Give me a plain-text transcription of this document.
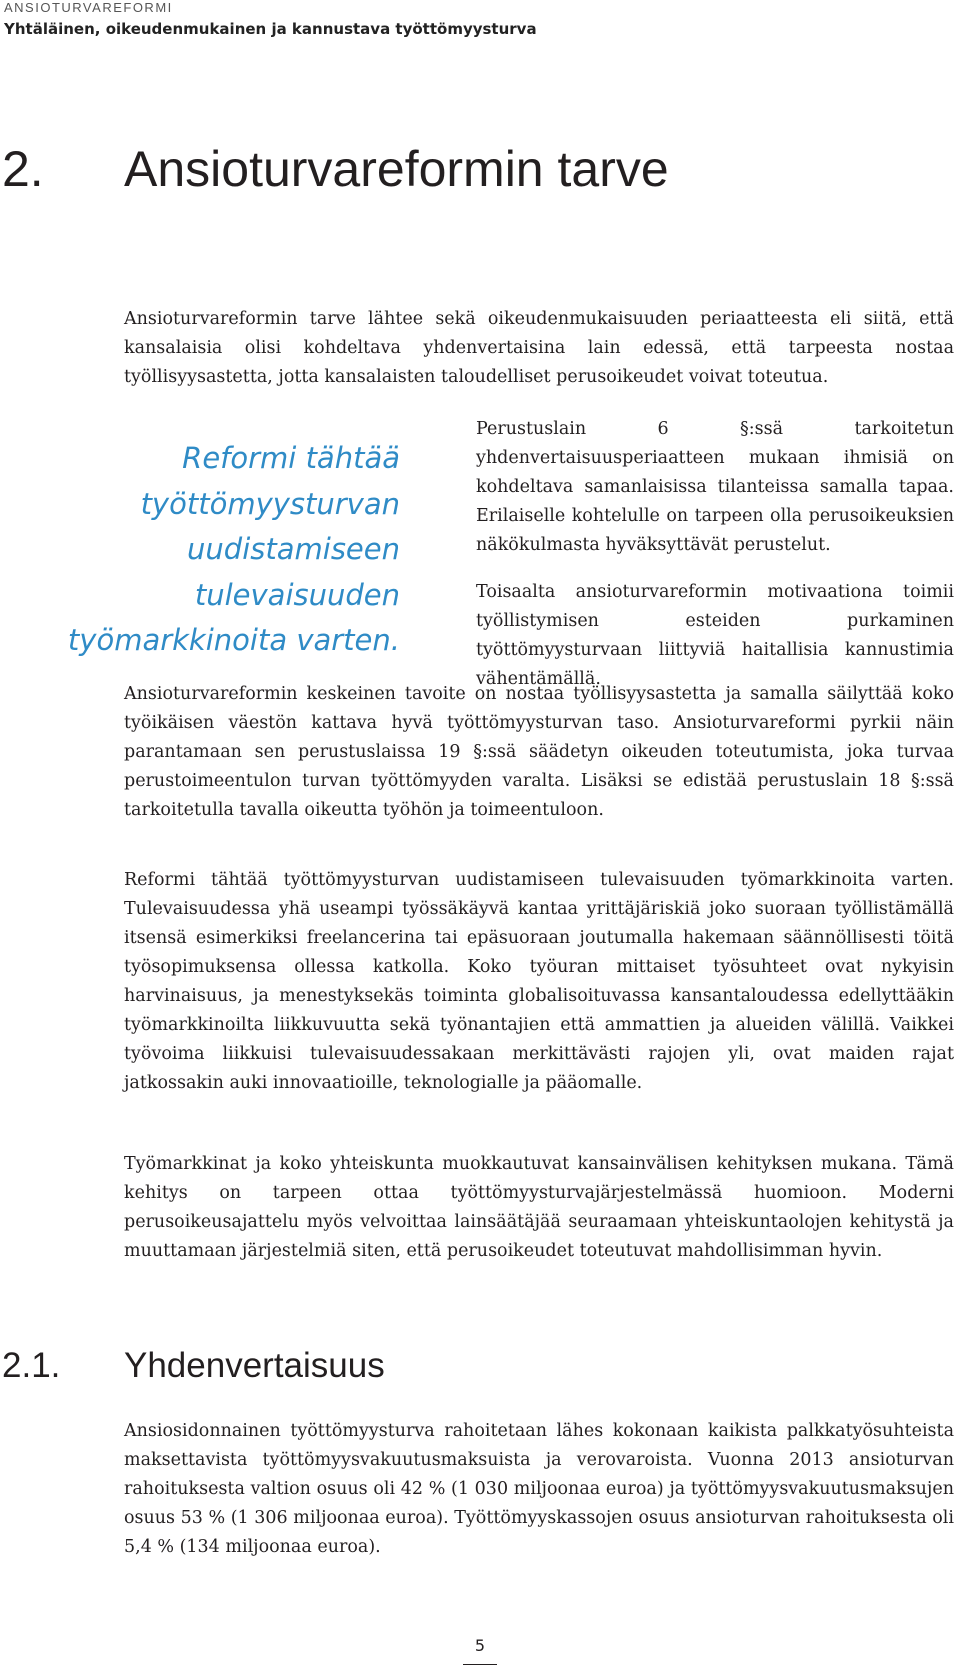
ANSIOTURVAREFORMI
Yhtäläinen, oikeudenmukainen ja kannustava työttömyysturva
2. Ansioturvareformin tarve

Ansioturvareformin tarve lähtee sekä oikeudenmukaisuuden periaatteesta eli siitä, että kansalaisia olisi kohdeltava yhdenvertaisina lain edessä, että tarpeesta nostaa työllisyysastetta, jotta kansalaisten taloudelliset perusoikeudet voivat toteutua.

Reformi tähtää työttömyysturvan uudistamiseen tulevaisuuden työmarkkinoita varten.

Perustuslain 6 §:ssä tarkoitetun yhdenvertaisuusperiaatteen mukaan ihmisiä on kohdeltava samanlaisissa tilanteissa samalla tapaa. Erilaiselle kohtelulle on tarpeen olla perusoikeuksien näkökulmasta hyväksyttävät perustelut.

Toisaalta ansioturvareformin motivaationa toimii työllistymisen esteiden purkaminen työttömyysturvaan liittyviä haitallisia kannustimia vähentämällä.

Ansioturvareformin keskeinen tavoite on nostaa työllisyysastetta ja samalla säilyttää koko työikäisen väestön kattava hyvä työttömyysturvan taso. Ansioturvareformi pyrkii näin parantamaan sen perustuslaissa 19 §:ssä säädetyn oikeuden toteutumista, joka turvaa perustoimeentulon turvan työttömyyden varalta. Lisäksi se edistää perustuslain 18 §:ssä tarkoitetulla tavalla oikeutta työhön ja toimeentuloon.

Reformi tähtää työttömyysturvan uudistamiseen tulevaisuuden työmarkkinoita varten. Tulevaisuudessa yhä useampi työssäkäyvä kantaa yrittäjäriskiä joko suoraan työllistämällä itsensä esimerkiksi freelancerina tai epäsuoraan joutumalla hakemaan säännöllisesti töitä työsopimuksensa ollessa katkolla. Koko työuran mittaiset työsuhteet ovat nykyisin harvinaisuus, ja menestyksekäs toiminta globalisoituvassa kansantaloudessa edellyttääkin työmarkkinoilta liikkuvuutta sekä työnantajien että ammattien ja alueiden välillä. Vaikkei työvoima liikkuisi tulevaisuudessakaan merkittävästi rajojen yli, ovat maiden rajat jatkossakin auki innovaatioille, teknologialle ja pääomalle.

Työmarkkinat ja koko yhteiskunta muokkautuvat kansainvälisen kehityksen mukana. Tämä kehitys on tarpeen ottaa työttömyysturvajärjestelmässä huomioon. Moderni perusoikeusajattelu myös velvoittaa lainsäätäjää seuraamaan yhteiskuntaolojen kehitystä ja muuttamaan järjestelmiä siten, että perusoikeudet toteutuvat mahdollisimman hyvin.

2.1. Yhdenvertaisuus

Ansiosidonnainen työttömyysturva rahoitetaan lähes kokonaan kaikista palkkatyösuhteista maksettavista työttömyysvakuutusmaksuista ja verovaroista. Vuonna 2013 ansioturvan rahoituksesta valtion osuus oli 42 % (1 030 miljoonaa euroa) ja työttömyysvakuutusmaksujen osuus 53 % (1 306 miljoonaa euroa). Työttömyyskassojen osuus ansioturvan rahoituksesta oli 5,4 % (134 miljoonaa euroa).

5
